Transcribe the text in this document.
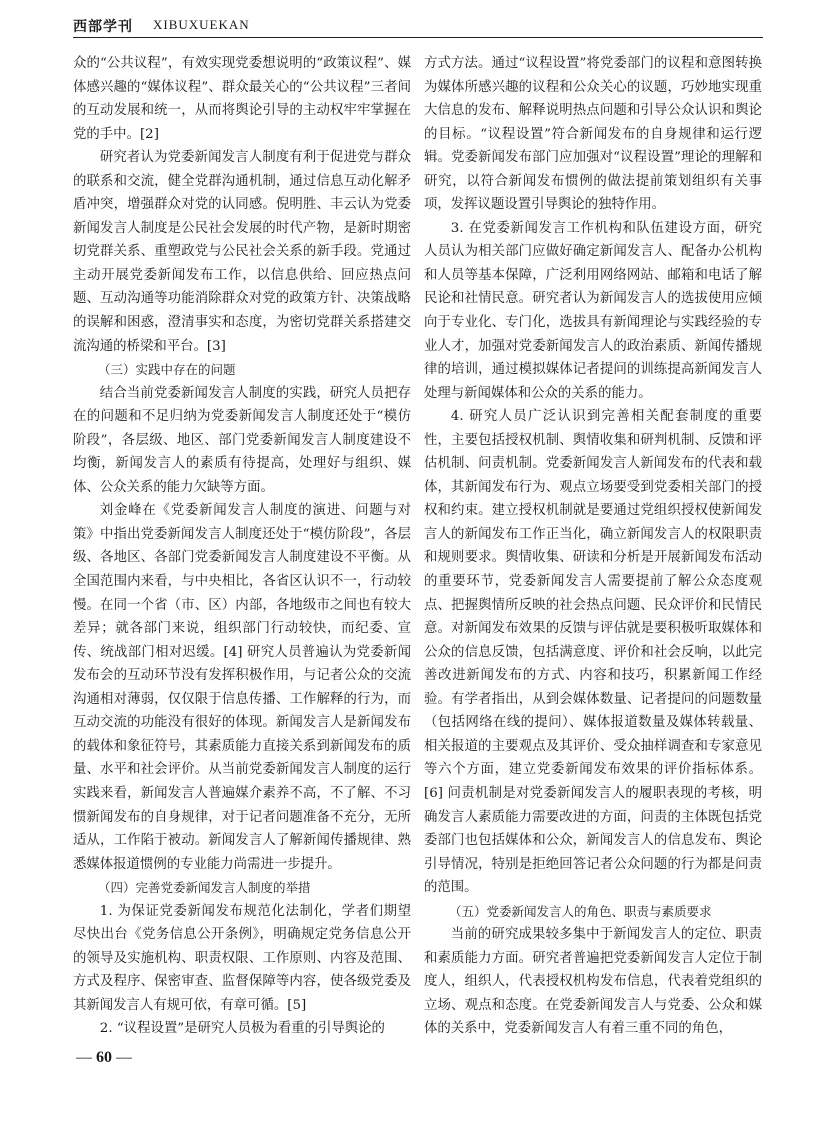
西部学刊 XIBUXUEKAN

众的“公共议程”，有效实现党委想说明的“政策议程”、媒体感兴趣的“媒体议程”、群众最关心的“公共议程”三者间的互动发展和统一，从而将舆论引导的主动权牢牢掌握在党的手中。[2]

研究者认为党委新闻发言人制度有利于促进党与群众的联系和交流，健全党群沟通机制，通过信息互动化解矛盾冲突，增强群众对党的认同感。倪明胜、丰云认为党委新闻发言人制度是公民社会发展的时代产物，是新时期密切党群关系、重塑政党与公民社会关系的新手段。党通过主动开展党委新闻发布工作，以信息供给、回应热点问题、互动沟通等功能消除群众对党的政策方针、决策战略的误解和困惑，澄清事实和态度，为密切党群关系搭建交流沟通的桥梁和平台。[3]

（三）实践中存在的问题

结合当前党委新闻发言人制度的实践，研究人员把存在的问题和不足归纳为党委新闻发言人制度还处于“模仿阶段”，各层级、地区、部门党委新闻发言人制度建设不均衡，新闻发言人的素质有待提高，处理好与组织、媒体、公众关系的能力欠缺等方面。

刘金峰在《党委新闻发言人制度的演进、问题与对策》中指出党委新闻发言人制度还处于“模仿阶段”，各层级、各地区、各部门党委新闻发言人制度建设不平衡。从全国范围内来看，与中央相比，各省区认识不一，行动较慢。在同一个省（市、区）内部，各地级市之间也有较大差异；就各部门来说，组织部门行动较快，而纪委、宣传、统战部门相对迟缓。[4] 研究人员普遍认为党委新闻发布会的互动环节没有发挥积极作用，与记者公众的交流沟通相对薄弱，仅仅限于信息传播、工作解释的行为，而互动交流的功能没有很好的体现。新闻发言人是新闻发布的载体和象征符号，其素质能力直接关系到新闻发布的质量、水平和社会评价。从当前党委新闻发言人制度的运行实践来看，新闻发言人普遍媒介素养不高，不了解、不习惯新闻发布的自身规律，对于记者问题准备不充分，无所适从，工作陷于被动。新闻发言人了解新闻传播规律、熟悉媒体报道惯例的专业能力尚需进一步提升。

（四）完善党委新闻发言人制度的举措

1. 为保证党委新闻发布规范化法制化，学者们期望尽快出台《党务信息公开条例》，明确规定党务信息公开的领导及实施机构、职责权限、工作原则、内容及范围、方式及程序、保密审查、监督保障等内容，使各级党委及其新闻发言人有规可依，有章可循。[5]

2. “议程设置”是研究人员极为看重的引导舆论的

方式方法。通过“议程设置”将党委部门的议程和意图转换为媒体所感兴趣的议程和公众关心的议题，巧妙地实现重大信息的发布、解释说明热点问题和引导公众认识和舆论的目标。“议程设置”符合新闻发布的自身规律和运行逻辑。党委新闻发布部门应加强对“议程设置”理论的理解和研究，以符合新闻发布惯例的做法提前策划组织有关事项，发挥议题设置引导舆论的独特作用。

3. 在党委新闻发言工作机构和队伍建设方面，研究人员认为相关部门应做好确定新闻发言人、配备办公机构和人员等基本保障，广泛利用网络网站、邮箱和电话了解民论和社情民意。研究者认为新闻发言人的选拔使用应倾向于专业化、专门化，选拔具有新闻理论与实践经验的专业人才，加强对党委新闻发言人的政治素质、新闻传播规律的培训，通过模拟媒体记者提问的训练提高新闻发言人处理与新闻媒体和公众的关系的能力。

4. 研究人员广泛认识到完善相关配套制度的重要性，主要包括授权机制、舆情收集和研判机制、反馈和评估机制、问责机制。党委新闻发言人新闻发布的代表和载体，其新闻发布行为、观点立场要受到党委相关部门的授权和约束。建立授权机制就是要通过党组织授权使新闻发言人的新闻发布工作正当化，确立新闻发言人的权限职责和规则要求。舆情收集、研读和分析是开展新闻发布活动的重要环节，党委新闻发言人需要提前了解公众态度观点、把握舆情所反映的社会热点问题、民众评价和民情民意。对新闻发布效果的反馈与评估就是要积极听取媒体和公众的信息反馈，包括满意度、评价和社会反响，以此完善改进新闻发布的方式、内容和技巧，积累新闻工作经验。有学者指出，从到会媒体数量、记者提问的问题数量（包括网络在线的提问）、媒体报道数量及媒体转载量、相关报道的主要观点及其评价、受众抽样调查和专家意见等六个方面，建立党委新闻发布效果的评价指标体系。[6] 问责机制是对党委新闻发言人的履职表现的考核，明确发言人素质能力需要改进的方面，问责的主体既包括党委部门也包括媒体和公众，新闻发言人的信息发布、舆论引导情况，特别是拒绝回答记者公众问题的行为都是问责的范围。

（五）党委新闻发言人的角色、职责与素质要求

当前的研究成果较多集中于新闻发言人的定位、职责和素质能力方面。研究者普遍把党委新闻发言人定位于制度人，组织人，代表授权机构发布信息，代表着党组织的立场、观点和态度。在党委新闻发言人与党委、公众和媒体的关系中，党委新闻发言人有着三重不同的角色，

— 60 —
